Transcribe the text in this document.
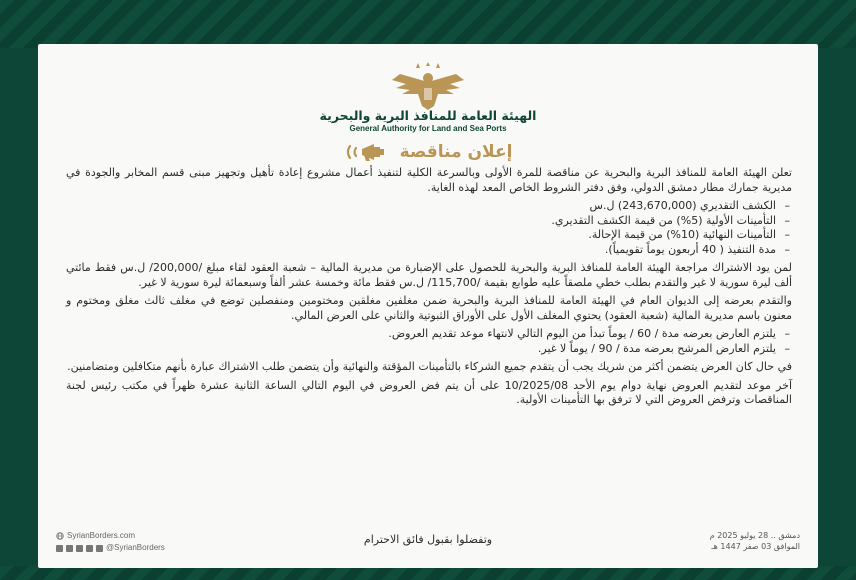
الهيئة العامة للمنافذ البرية والبحرية
General Authority for Land and Sea Ports
إعلان مناقصة

تعلن الهيئة العامة للمنافذ البرية والبحرية عن مناقصة للمرة الأولى وبالسرعة الكلية لتنفيذ أعمال مشروع إعادة تأهيل وتجهيز مبنى قسم المخابر والجودة في مديرية جمارك مطار دمشق الدولي، وفق دفتر الشروط الخاص المعد لهذه الغاية.

– الكشف التقديري (243,670,000) ل.س
– التأمينات الأولية (5%) من قيمة الكشف التقديري.
– التأمينات النهائية (10%) من قيمة الإحالة.
– مدة التنفيذ ( 40 أربعون يوماً تقويمياً).

لمن يود الاشتراك مراجعة الهيئة العامة للمنافذ البرية والبحرية للحصول على الإضبارة من مديرية المالية – شعبة العقود لقاء مبلغ /200,000/ ل.س فقط مائتي ألف ليرة سورية لا غير والتقدم بطلب خطي ملصقاً عليه طوابع بقيمة /115,700/ ل.س فقط مائة وخمسة عشر ألفاً وسبعمائة ليرة سورية لا غير.

والتقدم بعرضه إلى الديوان العام في الهيئة العامة للمنافذ البرية والبحرية ضمن مغلفين مغلقين ومختومين ومنفصلين توضع في مغلف ثالث مغلق ومختوم و معنون باسم مديرية المالية (شعبة العقود) يحتوي المغلف الأول على الأوراق الثبوتية والثاني على العرض المالي.

– يلتزم العارض بعرضه مدة / 60 / يوماً تبدأ من اليوم التالي لانتهاء موعد تقديم العروض.
– يلتزم العارض المرشح بعرضه مدة / 90 / يوماً لا غير.

في حال كان العرض يتضمن أكثر من شريك يجب أن يتقدم جميع الشركاء بالتأمينات المؤقتة والنهائية وأن يتضمن طلب الاشتراك عبارة بأنهم متكافلين ومتضامنين.

آخر موعد لتقديم العروض نهاية دوام يوم الأحد 10/2025/08 على أن يتم فض العروض في اليوم التالي الساعة الثانية عشرة ظهراً في مكتب رئيس لجنة المناقصات وترفض العروض التي لا ترفق بها التأمينات الأولية.

وتفضلوا بقبول فائق الاحترام	دمشق .. 28 يوليو 2025 م
الموافق 03 صفر 1447 هـ
SyrianBorders.com
@SyrianBorders
